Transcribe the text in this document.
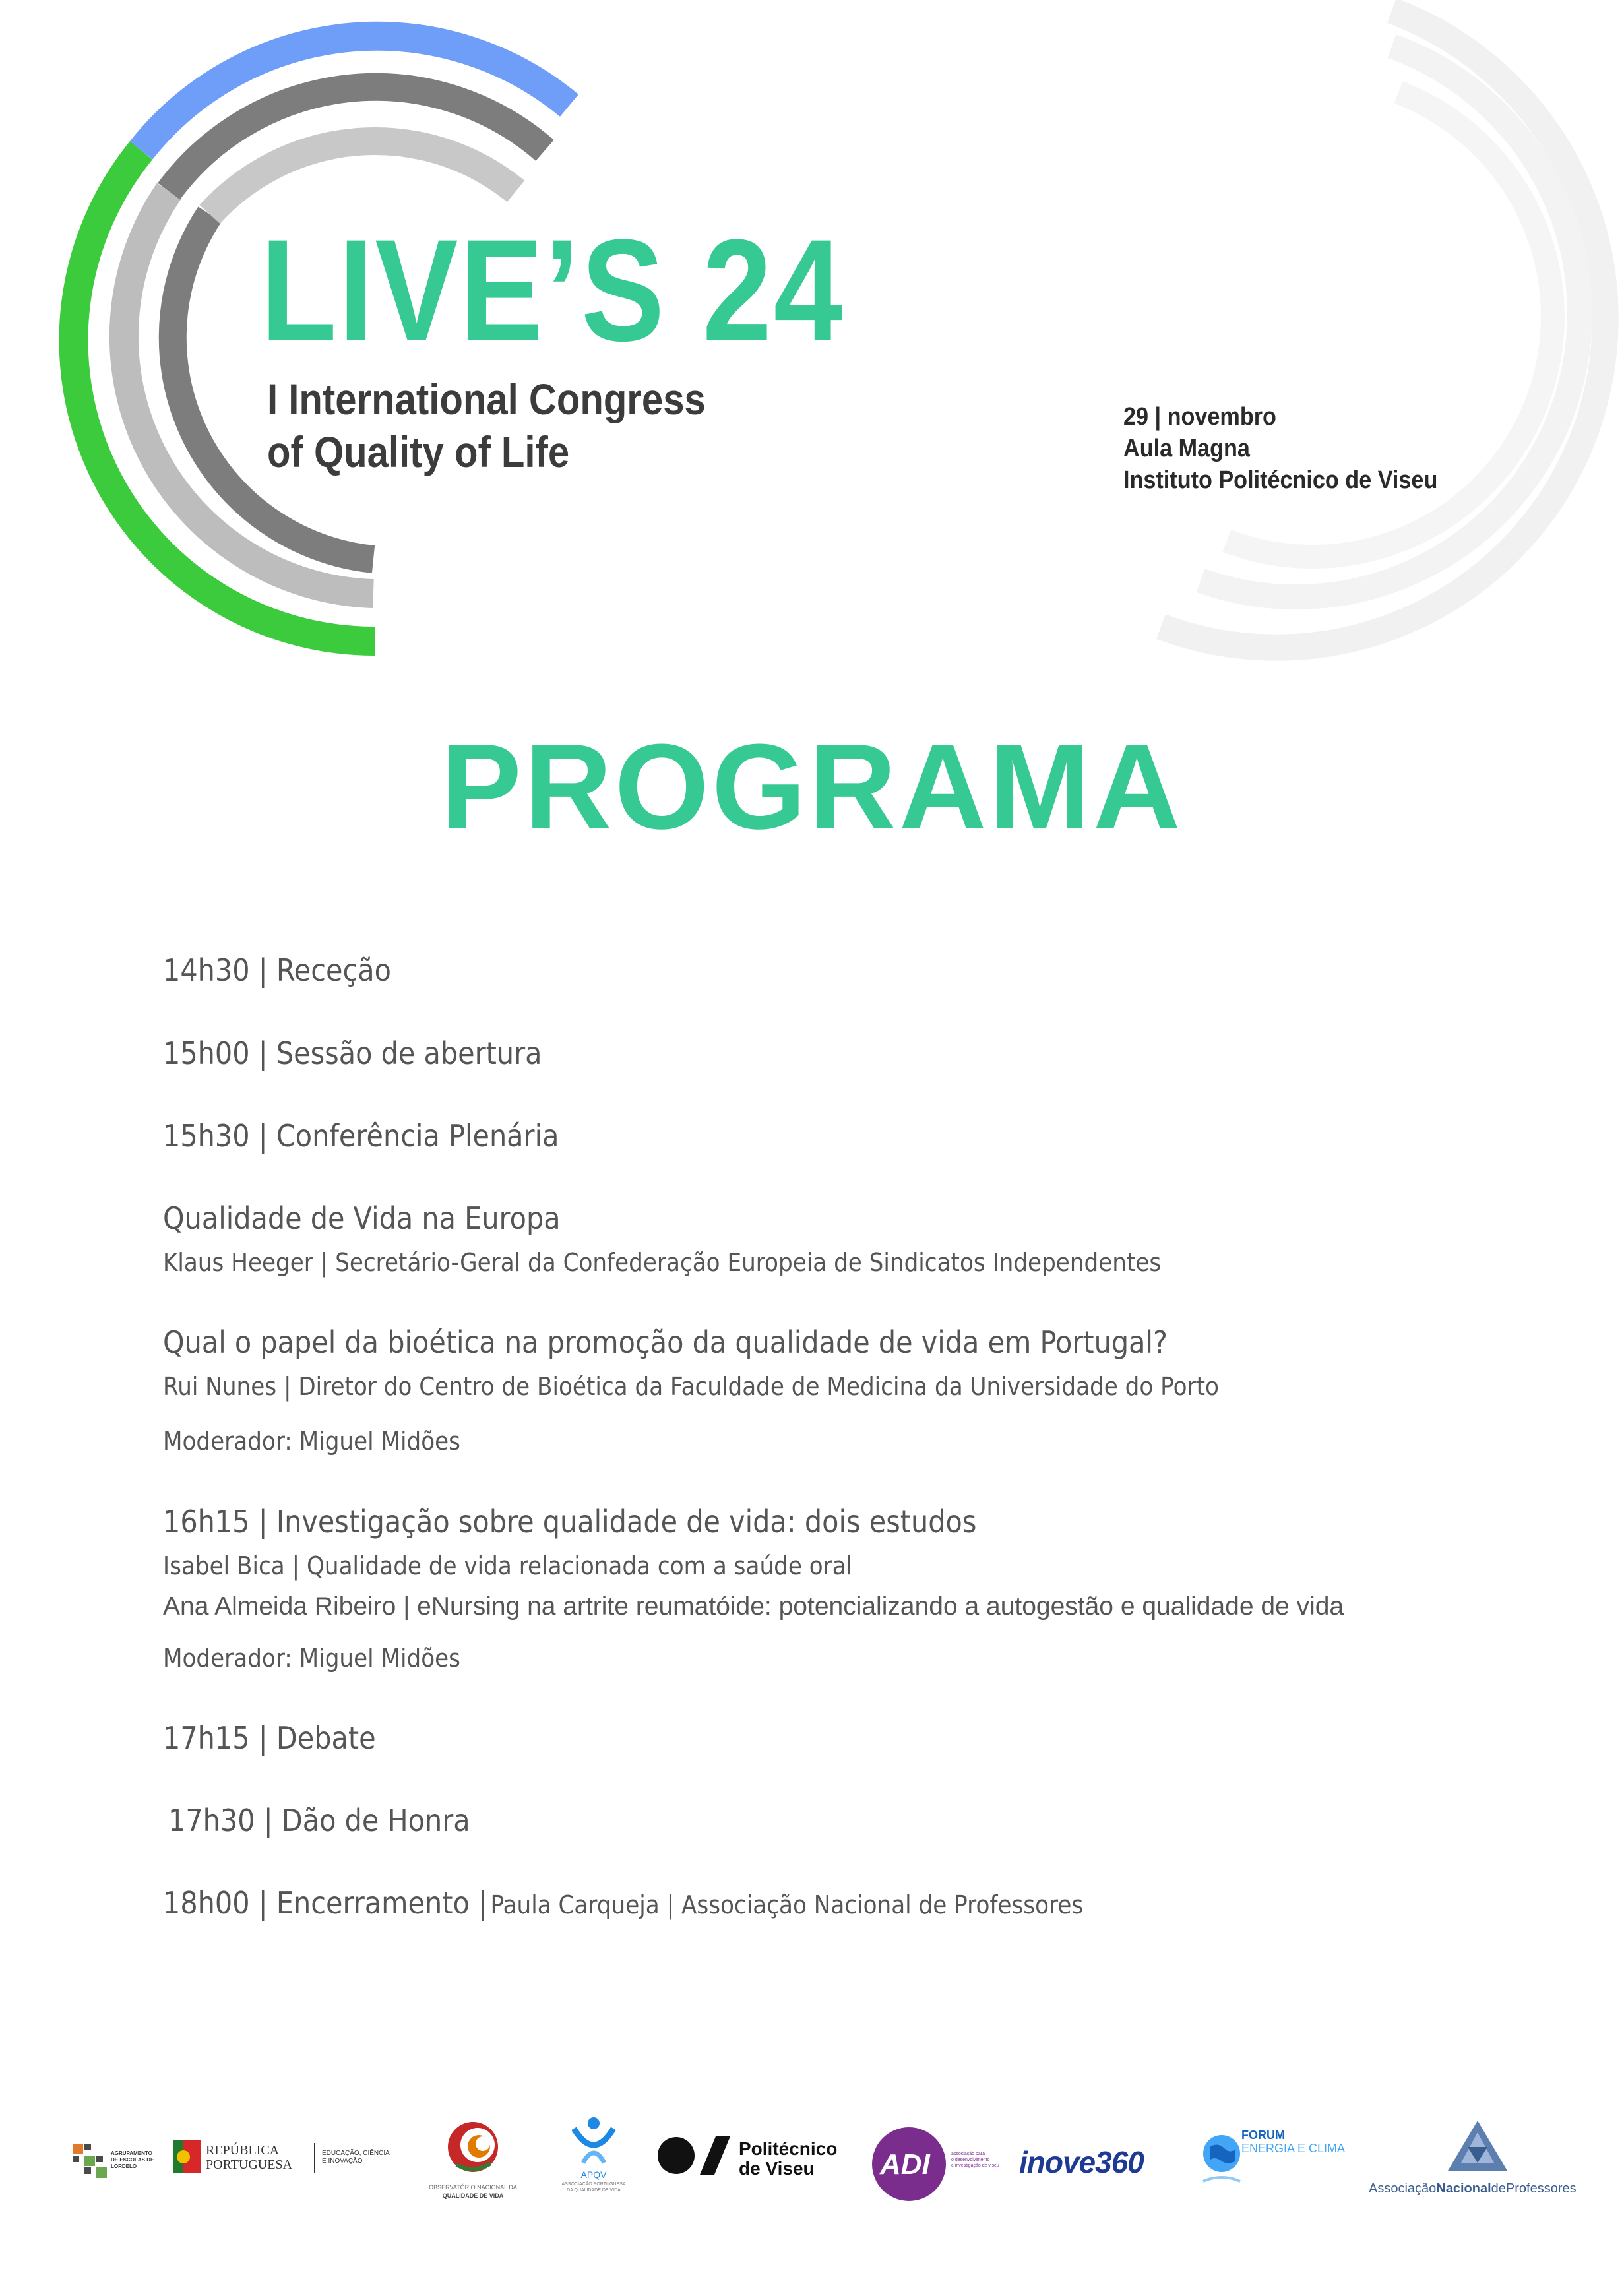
LIVE’S 24
I International Congress
of Quality of Life
29 | novembro
Aula Magna
Instituto Politécnico de Viseu
PROGRAMA
14h30 | Receção
15h00 | Sessão de abertura
15h30 | Conferência Plenária
Qualidade de Vida na Europa
Klaus Heeger | Secretário-Geral da Confederação Europeia de Sindicatos Independentes
Qual o papel da bioética na promoção da qualidade de vida em Portugal?
Rui Nunes | Diretor do Centro de Bioética da Faculdade de Medicina da Universidade do Porto
Moderador: Miguel Midões
16h15 | Investigação sobre qualidade de vida: dois estudos
Isabel Bica | Qualidade de vida relacionada com a saúde oral
Ana Almeida Ribeiro | eNursing na artrite reumatóide: potencializando a autogestão e qualidade de vida
Moderador: Miguel Midões
17h15 | Debate
17h30 | Dão de Honra
18h00 | Encerramento | Paula Carqueja | Associação Nacional de Professores
AGRUPAMENTO
DE ESCOLAS DE
LORDELO
REPÚBLICA
PORTUGUESA
EDUCAÇÃO, CIÊNCIA
E INOVAÇÃO
OBSERVATÓRIO NACIONAL DA
QUALIDADE DE VIDA
APQV
ASSOCIAÇÃO PORTUGUESA
DA QUALIDADE DE VIDA
Politécnico
de Viseu	ADI	associação para
o desenvolvimento
e investigação de viseu inove360
FORUM
ENERGIA E CLIMA
AssociaçãoNacionaldeProfessores
